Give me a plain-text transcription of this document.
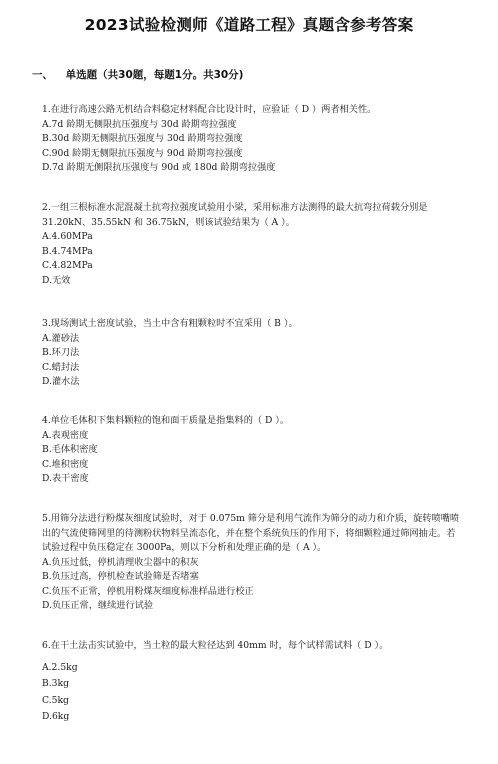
2023试验检测师《道路工程》真题含参考答案
一、 单选题（共30题，每题1分。共30分)

1.在进行高速公路无机结合料稳定材料配合比设计时，应验证（ D ）两者相关性。

A.7d 龄期无侧限抗压强度与 30d 龄期弯拉强度

B.30d 龄期无侧限抗压强度与 30d 龄期弯拉强度

C.90d 龄期无侧限抗压强度与 90d 龄期弯拉强度

D.7d 龄期无侧限抗压强度与 90d 或 180d 龄期弯拉强度

2.一组三根标准水泥混凝土抗弯拉强度试验用小梁，采用标准方法测得的最大抗弯拉荷载分别是 31.20kN、35.55kN 和 36.75kN，则该试验结果为（ A ）。

A.4.60MPa

B.4.74MPa

C.4.82MPa

D.无效

3.现场测试土密度试验，当土中含有粗颗粒时不宜采用（ B ）。

A.灌砂法

B.环刀法

C.蜡封法

D.灌水法

4.单位毛体积下集料颗粒的饱和面干质量是指集料的（ D ）。

A.表观密度

B.毛体积密度

C.堆积密度

D.表干密度

5.用筛分法进行粉煤灰细度试验时，对于 0.075m 筛分是利用气流作为筛分的动力和介质，旋转喷嘴喷出的气流使筛网里的待测粉状物料呈流态化，并在整个系统负压的作用下，将细颗粒通过筛网抽走。若试验过程中负压稳定在 3000Pa，则以下分析和处理正确的是（ A ）。

A.负压过低，停机清理收尘器中的积灰

B.负压过高，停机检查试验筛是否堵塞

C.负压不正常，停机用粉煤灰细度标准样品进行校正

D.负压正常，继续进行试验

6.在干土法击实试验中，当土粒的最大粒径达到 40mm 时，每个试样需试料（ D ）。

A.2.5kg

B.3kg

C.5kg

D.6kg
